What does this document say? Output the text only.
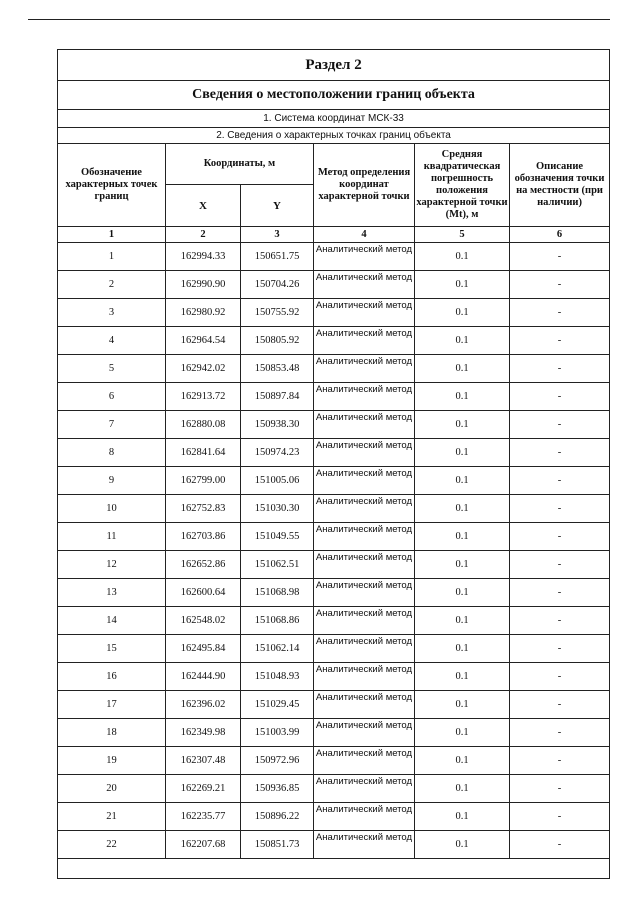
Раздел 2					
Сведения о местоположении границ объекта					
1. Система координат МСК-33					
2. Сведения о характерных точках границ объекта					
Обозначение характерных точек границ	Координаты, м		Метод определения координат характерной точки	Средняя квадратическая погрешность положения характерной точки (Mt), м	Описание обозначения точки на местности (при наличии)
	X	Y			
1	2	3	4	5	6
1	162994.33	150651.75	Аналитический метод	0.1	-
2	162990.90	150704.26	Аналитический метод	0.1	-
3	162980.92	150755.92	Аналитический метод	0.1	-
4	162964.54	150805.92	Аналитический метод	0.1	-
5	162942.02	150853.48	Аналитический метод	0.1	-
6	162913.72	150897.84	Аналитический метод	0.1	-
7	162880.08	150938.30	Аналитический метод	0.1	-
8	162841.64	150974.23	Аналитический метод	0.1	-
9	162799.00	151005.06	Аналитический метод	0.1	-
10	162752.83	151030.30	Аналитический метод	0.1	-
11	162703.86	151049.55	Аналитический метод	0.1	-
12	162652.86	151062.51	Аналитический метод	0.1	-
13	162600.64	151068.98	Аналитический метод	0.1	-
14	162548.02	151068.86	Аналитический метод	0.1	-
15	162495.84	151062.14	Аналитический метод	0.1	-
16	162444.90	151048.93	Аналитический метод	0.1	-
17	162396.02	151029.45	Аналитический метод	0.1	-
18	162349.98	151003.99	Аналитический метод	0.1	-
19	162307.48	150972.96	Аналитический метод	0.1	-
20	162269.21	150936.85	Аналитический метод	0.1	-
21	162235.77	150896.22	Аналитический метод	0.1	-
22	162207.68	150851.73	Аналитический метод	0.1	-
